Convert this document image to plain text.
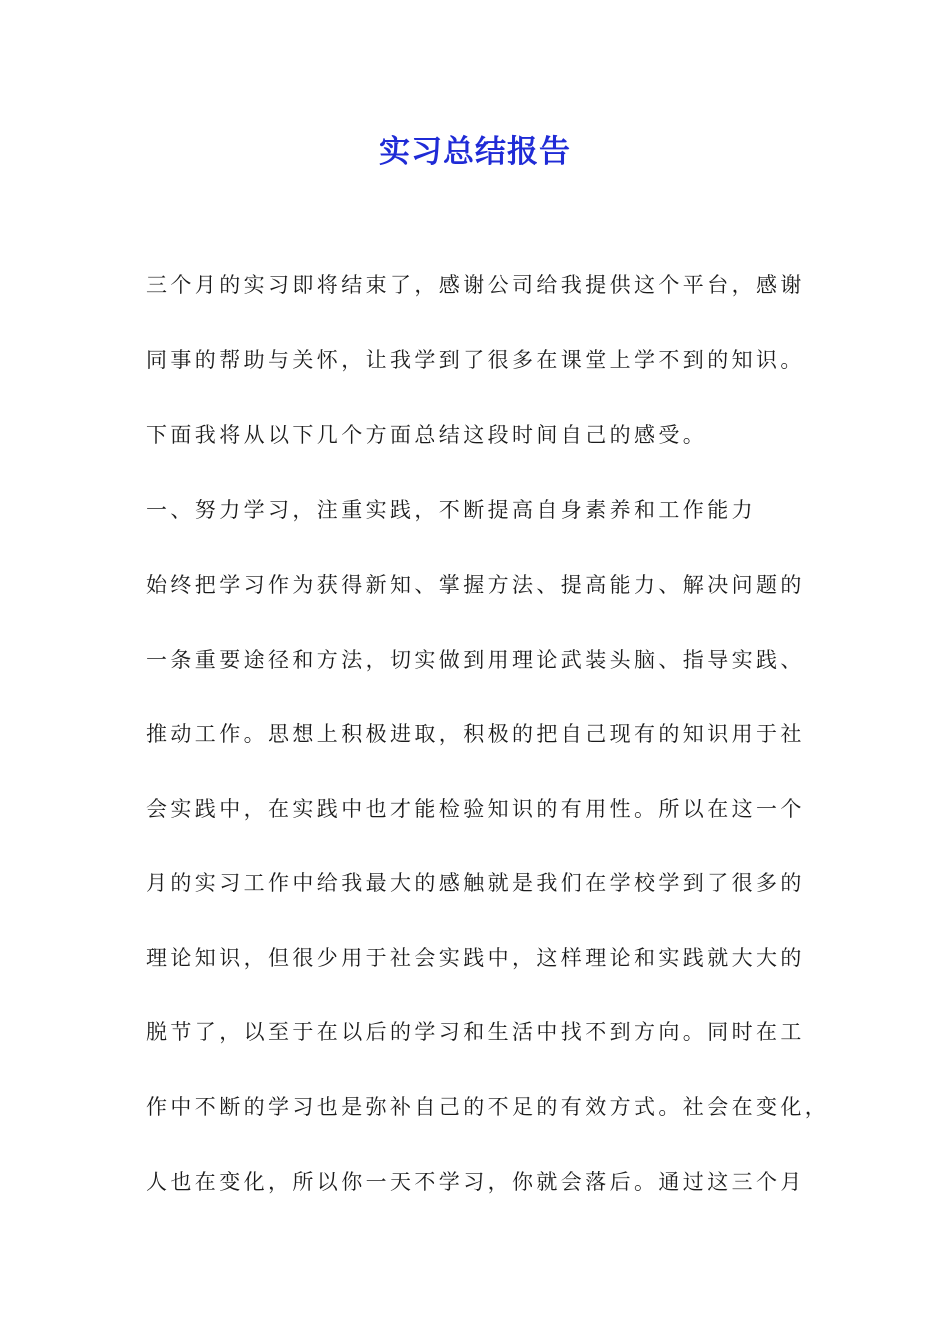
实习总结报告
三个月的实习即将结束了，感谢公司给我提供这个平台，感谢
同事的帮助与关怀，让我学到了很多在课堂上学不到的知识。
下面我将从以下几个方面总结这段时间自己的感受。
一、努力学习，注重实践，不断提高自身素养和工作能力
始终把学习作为获得新知、掌握方法、提高能力、解决问题的
一条重要途径和方法，切实做到用理论武装头脑、指导实践、
推动工作。思想上积极进取，积极的把自己现有的知识用于社
会实践中，在实践中也才能检验知识的有用性。所以在这一个
月的实习工作中给我最大的感触就是我们在学校学到了很多的
理论知识，但很少用于社会实践中，这样理论和实践就大大的
脱节了，以至于在以后的学习和生活中找不到方向。同时在工
作中不断的学习也是弥补自己的不足的有效方式。社会在变化，
人也在变化，所以你一天不学习，你就会落后。通过这三个月
